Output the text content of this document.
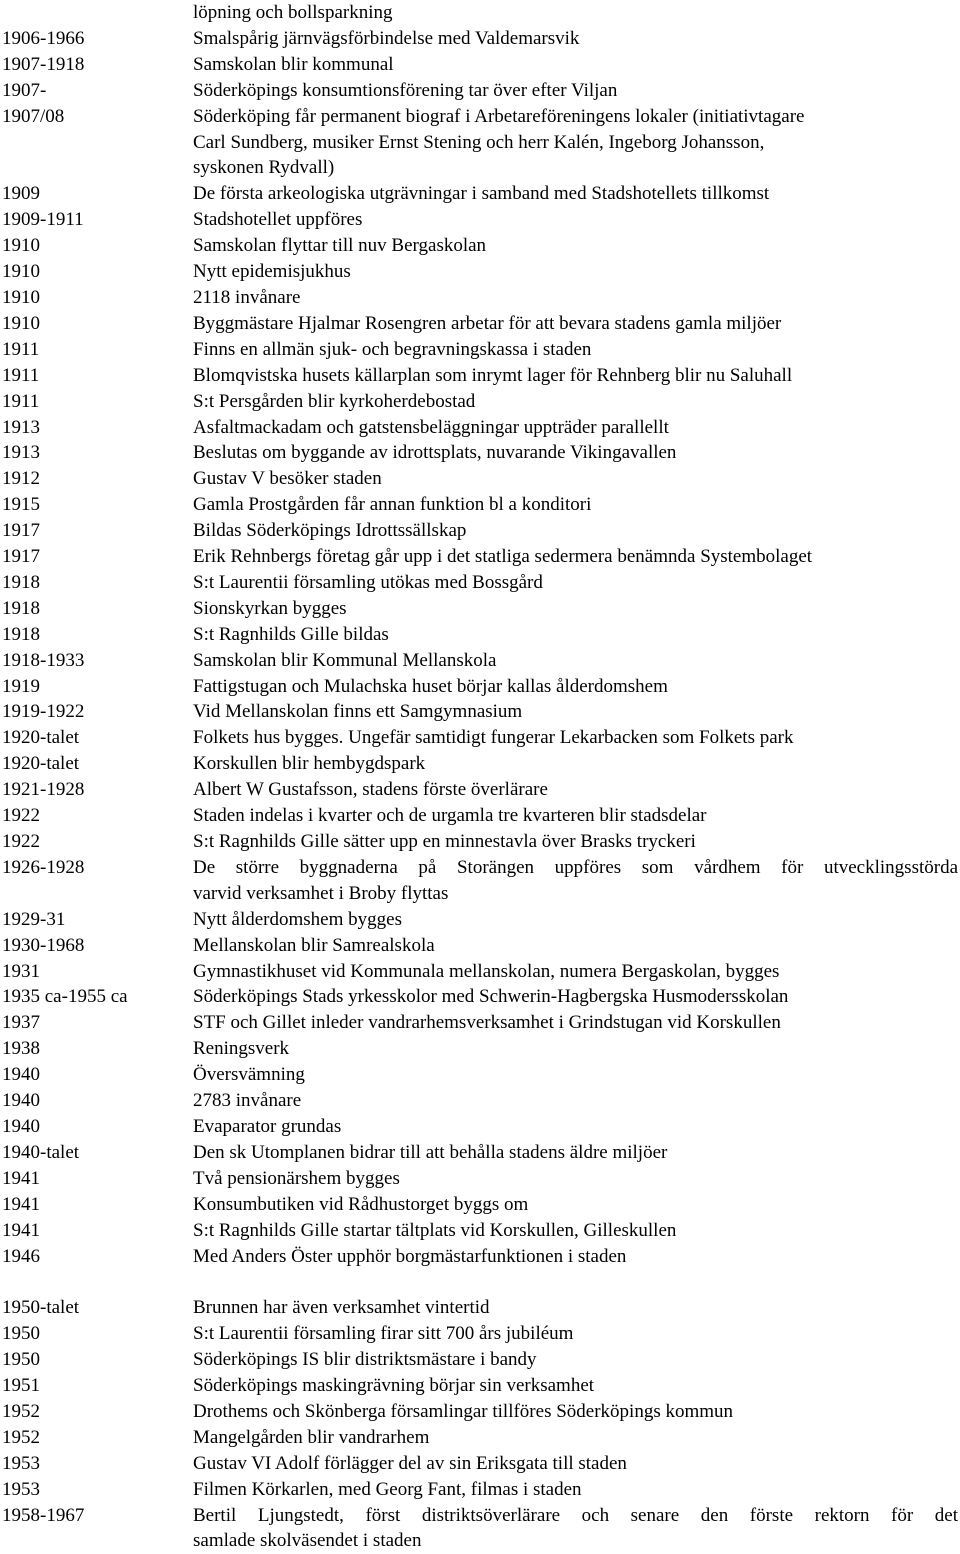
löpning och bollsparkning
1906-1966	Smalspårig järnvägsförbindelse med Valdemarsvik
1907-1918	Samskolan blir kommunal
1907-	Söderköpings konsumtionsförening tar över efter Viljan
1907/08	Söderköping får permanent biograf i Arbetareföreningens lokaler (initiativtagare
Carl Sundberg, musiker Ernst Stening och herr Kalén, Ingeborg Johansson,
syskonen Rydvall)
1909	De första arkeologiska utgrävningar i samband med Stadshotellets tillkomst
1909-1911	Stadshotellet uppföres
1910	Samskolan flyttar till nuv Bergaskolan
1910	Nytt epidemisjukhus
1910	2118 invånare
1910	Byggmästare Hjalmar Rosengren arbetar för att bevara stadens gamla miljöer
1911	Finns en allmän sjuk- och begravningskassa i staden
1911	Blomqvistska husets källarplan som inrymt lager för Rehnberg blir nu Saluhall
1911	S:t Persgården blir kyrkoherdebostad
1913	Asfaltmackadam och gatstensbeläggningar uppträder parallellt
1913	Beslutas om byggande av idrottsplats, nuvarande Vikingavallen
1912	Gustav V besöker staden
1915	Gamla Prostgården får annan funktion bl a konditori
1917	Bildas Söderköpings Idrottssällskap
1917	Erik Rehnbergs företag går upp i det statliga sedermera benämnda Systembolaget
1918	S:t Laurentii församling utökas med Bossgård
1918	Sionskyrkan bygges
1918	S:t Ragnhilds Gille bildas
1918-1933	Samskolan blir Kommunal Mellanskola
1919	Fattigstugan och Mulachska huset börjar kallas ålderdomshem
1919-1922	Vid Mellanskolan finns ett Samgymnasium
1920-talet	Folkets hus bygges. Ungefär samtidigt fungerar Lekarbacken som Folkets park
1920-talet	Korskullen blir hembygdspark
1921-1928	Albert W Gustafsson, stadens förste överlärare
1922	Staden indelas i kvarter och de urgamla tre kvarteren blir stadsdelar
1922	S:t Ragnhilds Gille sätter upp en minnestavla över Brasks tryckeri
1926-1928	De större byggnaderna på Storängen uppföres som vårdhem för utvecklingsstörda
varvid verksamhet i Broby flyttas
1929-31	Nytt ålderdomshem bygges
1930-1968	Mellanskolan blir Samrealskola
1931	Gymnastikhuset vid Kommunala mellanskolan, numera Bergaskolan, bygges
1935 ca-1955 ca	Söderköpings Stads yrkesskolor med Schwerin-Hagbergska Husmodersskolan
1937	STF och Gillet inleder vandrarhemsverksamhet i Grindstugan vid Korskullen
1938	Reningsverk
1940	Översvämning
1940	2783 invånare
1940	Evaparator grundas
1940-talet	Den sk Utomplanen bidrar till att behålla stadens äldre miljöer
1941	Två pensionärshem bygges
1941	Konsumbutiken vid Rådhustorget byggs om
1941	S:t Ragnhilds Gille startar tältplats vid Korskullen, Gilleskullen
1946	Med Anders Öster upphör borgmästarfunktionen i staden
1950-talet	Brunnen har även verksamhet vintertid
1950	S:t Laurentii församling firar sitt 700 års jubiléum
1950	Söderköpings IS blir distriktsmästare i bandy
1951	Söderköpings maskingrävning börjar sin verksamhet
1952	Drothems och Skönberga församlingar tillföres Söderköpings kommun
1952	Mangelgården blir vandrarhem
1953	Gustav VI Adolf förlägger del av sin Eriksgata till staden
1953	Filmen Körkarlen, med Georg Fant, filmas i staden
1958-1967	Bertil Ljungstedt, först distriktsöverlärare och senare den förste rektorn för det
samlade skolväsendet i staden
